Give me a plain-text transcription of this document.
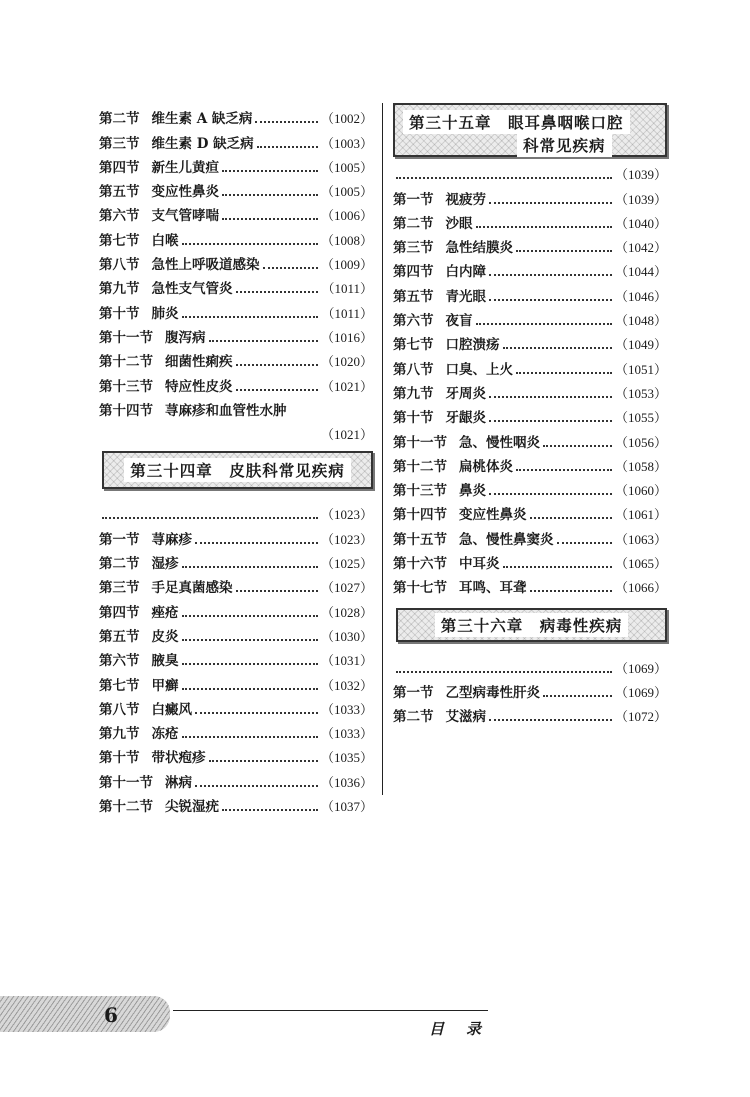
第二节 维生素 A 缺乏病	（1002）
第三节 维生素 D 缺乏病	（1003）
第四节 新生儿黄疸	（1005）
第五节 变应性鼻炎	（1005）
第六节 支气管哮喘	（1006）
第七节 白喉	（1008）
第八节 急性上呼吸道感染	（1009）
第九节 急性支气管炎	（1011）
第十节 肺炎	（1011）
第十一节 腹泻病	（1016）
第十二节 细菌性痢疾	（1020）
第十三节 特应性皮炎	（1021）
第十四节 荨麻疹和血管性水肿
（1021）
第三十四章　皮肤科常见疾病
（1023）
第一节 荨麻疹	（1023）
第二节 湿疹	（1025）
第三节 手足真菌感染	（1027）
第四节 痤疮	（1028）
第五节 皮炎	（1030）
第六节 腋臭	（1031）
第七节 甲癣	（1032）
第八节 白癜风	（1033）
第九节 冻疮	（1033）
第十节 带状疱疹	（1035）
第十一节 淋病	（1036）
第十二节 尖锐湿疣	（1037）
第三十五章　眼耳鼻咽喉口腔
科常见疾病
（1039）
第一节 视疲劳	（1039）
第二节 沙眼	（1040）
第三节 急性结膜炎	（1042）
第四节 白内障	（1044）
第五节 青光眼	（1046）
第六节 夜盲	（1048）
第七节 口腔溃疡	（1049）
第八节 口臭、上火	（1051）
第九节 牙周炎	（1053）
第十节 牙龈炎	（1055）
第十一节 急、慢性咽炎	（1056）
第十二节 扁桃体炎	（1058）
第十三节 鼻炎	（1060）
第十四节 变应性鼻炎	（1061）
第十五节 急、慢性鼻窦炎	（1063）
第十六节 中耳炎	（1065）
第十七节 耳鸣、耳聋	（1066）
第三十六章　病毒性疾病
（1069）
第一节 乙型病毒性肝炎	（1069）
第二节 艾滋病	（1072）
6
目录
